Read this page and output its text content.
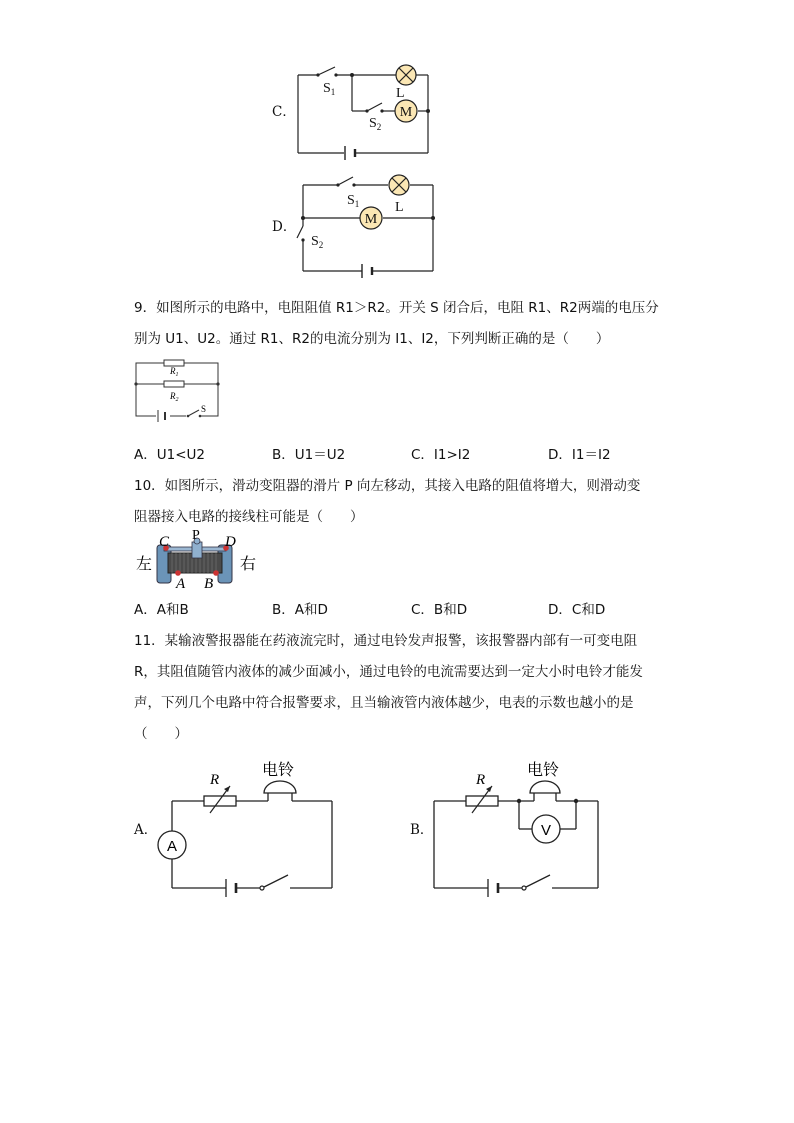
C．	M
$S_1$	L
$S_2$
D．	M
$S_1$	L
$S_2$
9．如图所示的电路中，电阻阻值 R1＞R2。开关 S 闭合后，电阻 R1、R2两端的电压分
别为 U1、U2。通过 R1、R2的电流分别为 I1、I2，下列判断正确的是（　　）
$R_1$
$R_2$
S
A．U1<U2	B．U1＝U2	C．I1>I2	D．I1＝I2
10．如图所示，滑动变阻器的滑片 P 向左移动，其接入电路的阻值将增大，则滑动变
阻器接入电路的接线柱可能是（　　）
左	右
C P D
A B
A．A和B	B．A和D	C．B和D	D．C和D
11．某输液警报器能在药液流完时，通过电铃发声报警，该报警器内部有一可变电阻
R，其阻值随管内液体的减少面减小，通过电铃的电流需要达到一定大小时电铃才能发
声，下列几个电路中符合报警要求，且当输液管内液体越少，电表的示数也越小的是
（　　）
A．
A
R
电铃
B．	V
R
电铃
